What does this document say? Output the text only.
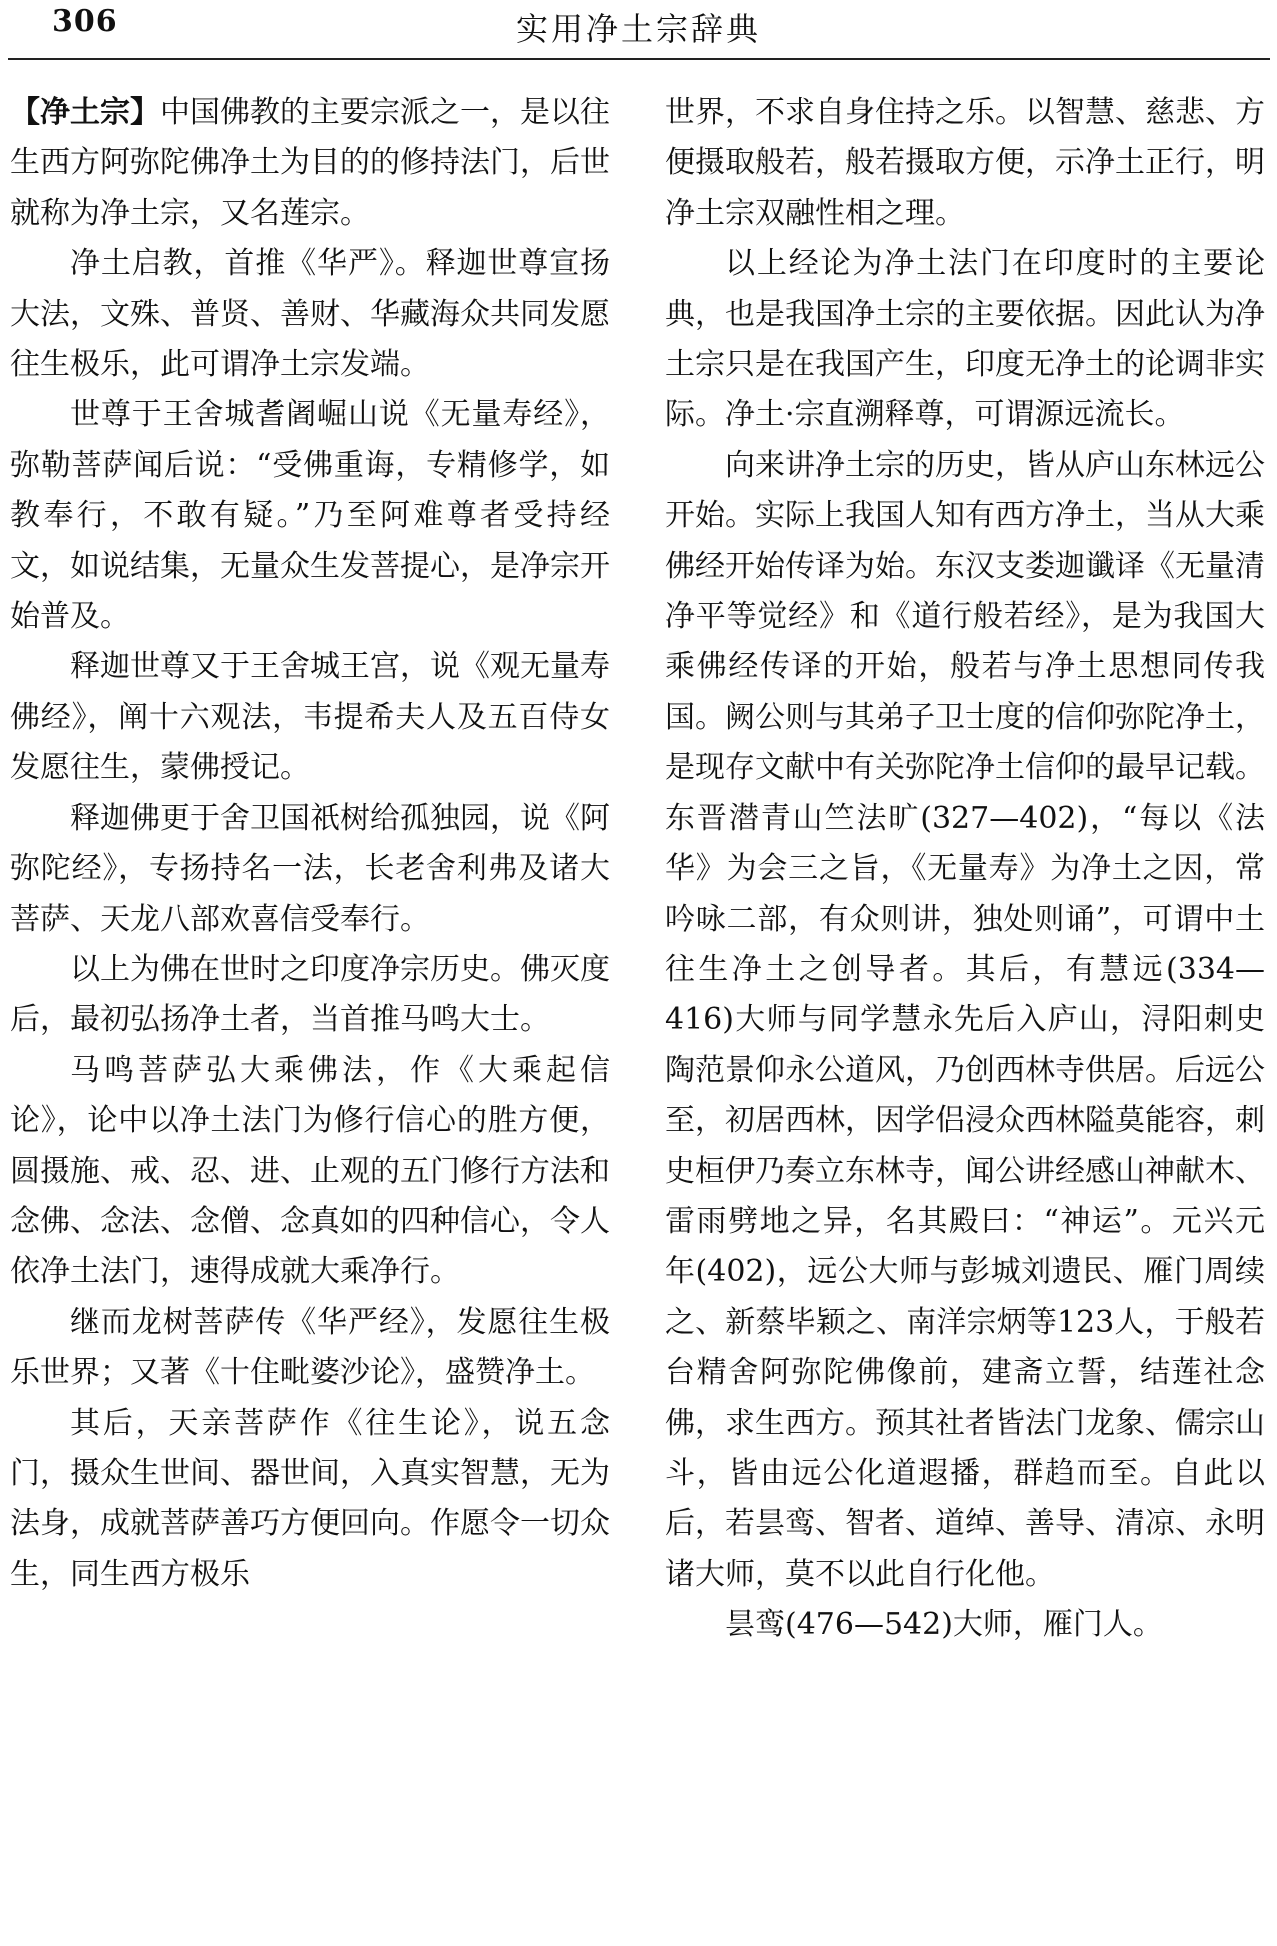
306	实用净土宗辞典

【净土宗】中国佛教的主要宗派之一，是以往生西方阿弥陀佛净土为目的的修持法门，后世就称为净土宗，又名莲宗。

净土启教，首推《华严》。释迦世尊宣扬大法，文殊、普贤、善财、华藏海众共同发愿往生极乐，此可谓净土宗发端。

世尊于王舍城耆阇崛山说《无量寿经》，弥勒菩萨闻后说：“受佛重诲，专精修学，如教奉行，不敢有疑。”乃至阿难尊者受持经文，如说结集，无量众生发菩提心，是净宗开始普及。

释迦世尊又于王舍城王宫，说《观无量寿佛经》，阐十六观法，韦提希夫人及五百侍女发愿往生，蒙佛授记。

释迦佛更于舍卫国祇树给孤独园，说《阿弥陀经》，专扬持名一法，长老舍利弗及诸大菩萨、天龙八部欢喜信受奉行。

以上为佛在世时之印度净宗历史。佛灭度后，最初弘扬净土者，当首推马鸣大士。

马鸣菩萨弘大乘佛法，作《大乘起信论》，论中以净土法门为修行信心的胜方便，圆摄施、戒、忍、进、止观的五门修行方法和念佛、念法、念僧、念真如的四种信心，令人依净土法门，速得成就大乘净行。

继而龙树菩萨传《华严经》，发愿往生极乐世界；又著《十住毗婆沙论》，盛赞净土。

其后，天亲菩萨作《往生论》，说五念门，摄众生世间、器世间，入真实智慧，无为法身，成就菩萨善巧方便回向。作愿令一切众生，同生西方极乐

世界，不求自身住持之乐。以智慧、慈悲、方便摄取般若，般若摄取方便，示净土正行，明净土宗双融性相之理。

以上经论为净土法门在印度时的主要论典，也是我国净土宗的主要依据。因此认为净土宗只是在我国产生，印度无净土的论调非实际。净土·宗直溯释尊，可谓源远流长。

向来讲净土宗的历史，皆从庐山东林远公开始。实际上我国人知有西方净土，当从大乘佛经开始传译为始。东汉支娄迦谶译《无量清净平等觉经》和《道行般若经》，是为我国大乘佛经传译的开始，般若与净土思想同传我国。阙公则与其弟子卫士度的信仰弥陀净土，是现存文献中有关弥陀净土信仰的最早记载。东晋潜青山竺法旷(327—402)，“每以《法华》为会三之旨，《无量寿》为净土之因，常吟咏二部，有众则讲，独处则诵”，可谓中土往生净土之创导者。其后，有慧远(334—416)大师与同学慧永先后入庐山，浔阳刺史陶范景仰永公道风，乃创西林寺供居。后远公至，初居西林，因学侣浸众西林隘莫能容，刺史桓伊乃奏立东林寺，闻公讲经感山神献木、雷雨劈地之异，名其殿曰：“神运”。元兴元年(402)，远公大师与彭城刘遗民、雁门周续之、新蔡毕颖之、南洋宗炳等123人，于般若台精舍阿弥陀佛像前，建斋立誓，结莲社念佛，求生西方。预其社者皆法门龙象、儒宗山斗，皆由远公化道遐播，群趋而至。自此以后，若昙鸾、智者、道绰、善导、清凉、永明诸大师，莫不以此自行化他。

昙鸾(476—542)大师，雁门人。
